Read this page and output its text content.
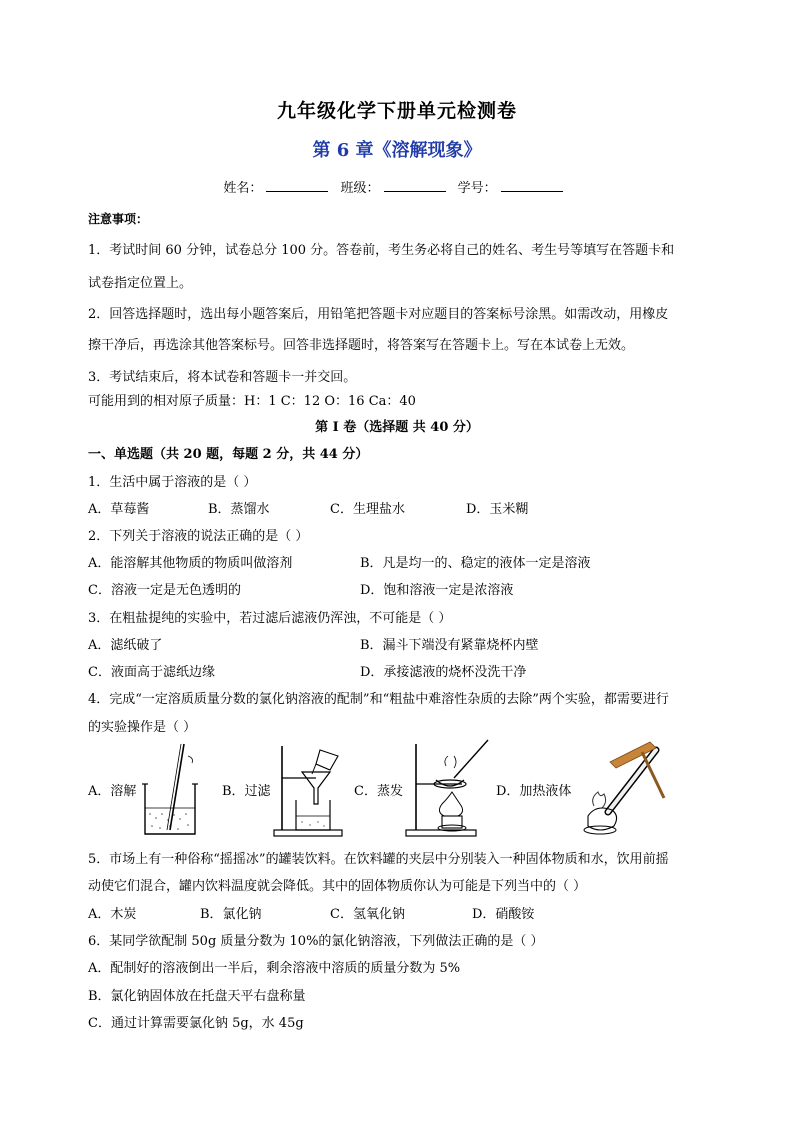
九年级化学下册单元检测卷
第 6 章《溶解现象》
姓名：	班级：	学号：
注意事项：
1．考试时间 60 分钟，试卷总分 100 分。答卷前，考生务必将自己的姓名、考生号等填写在答题卡和
试卷指定位置上。
2．回答选择题时，选出每小题答案后，用铅笔把答题卡对应题目的答案标号涂黑。如需改动，用橡皮
擦干净后，再选涂其他答案标号。回答非选择题时，将答案写在答题卡上。写在本试卷上无效。
3．考试结束后，将本试卷和答题卡一并交回。
可能用到的相对原子质量：H：1 C：12 O：16 Ca：40
第 I 卷（选择题 共 40 分）
一、单选题（共 20 题，每题 2 分，共 44 分）
1．生活中属于溶液的是（ ）
A．草莓酱	B．蒸馏水	C．生理盐水	D．玉米糊
2．下列关于溶液的说法正确的是（ ）
A．能溶解其他物质的物质叫做溶剂	B．凡是均一的、稳定的液体一定是溶液
C．溶液一定是无色透明的	D．饱和溶液一定是浓溶液
3．在粗盐提纯的实验中，若过滤后滤液仍浑浊，不可能是（ ）
A．滤纸破了	B．漏斗下端没有紧靠烧杯内壁
C．液面高于滤纸边缘	D．承接滤液的烧杯没洗干净
4．完成“一定溶质质量分数的氯化钠溶液的配制”和“粗盐中难溶性杂质的去除”两个实验，都需要进行
的实验操作是（ ）
A．溶解	B．过滤	C．蒸发	D．加热液体
5．市场上有一种俗称“摇摇冰”的罐装饮料。在饮料罐的夹层中分别装入一种固体物质和水，饮用前摇
动使它们混合，罐内饮料温度就会降低。其中的固体物质你认为可能是下列当中的（ ）
A．木炭	B．氯化钠	C．氢氧化钠	D．硝酸铵
6．某同学欲配制 50g 质量分数为 10%的氯化钠溶液，下列做法正确的是（ ）
A．配制好的溶液倒出一半后，剩余溶液中溶质的质量分数为 5%
B．氯化钠固体放在托盘天平右盘称量
C．通过计算需要氯化钠 5g，水 45g
